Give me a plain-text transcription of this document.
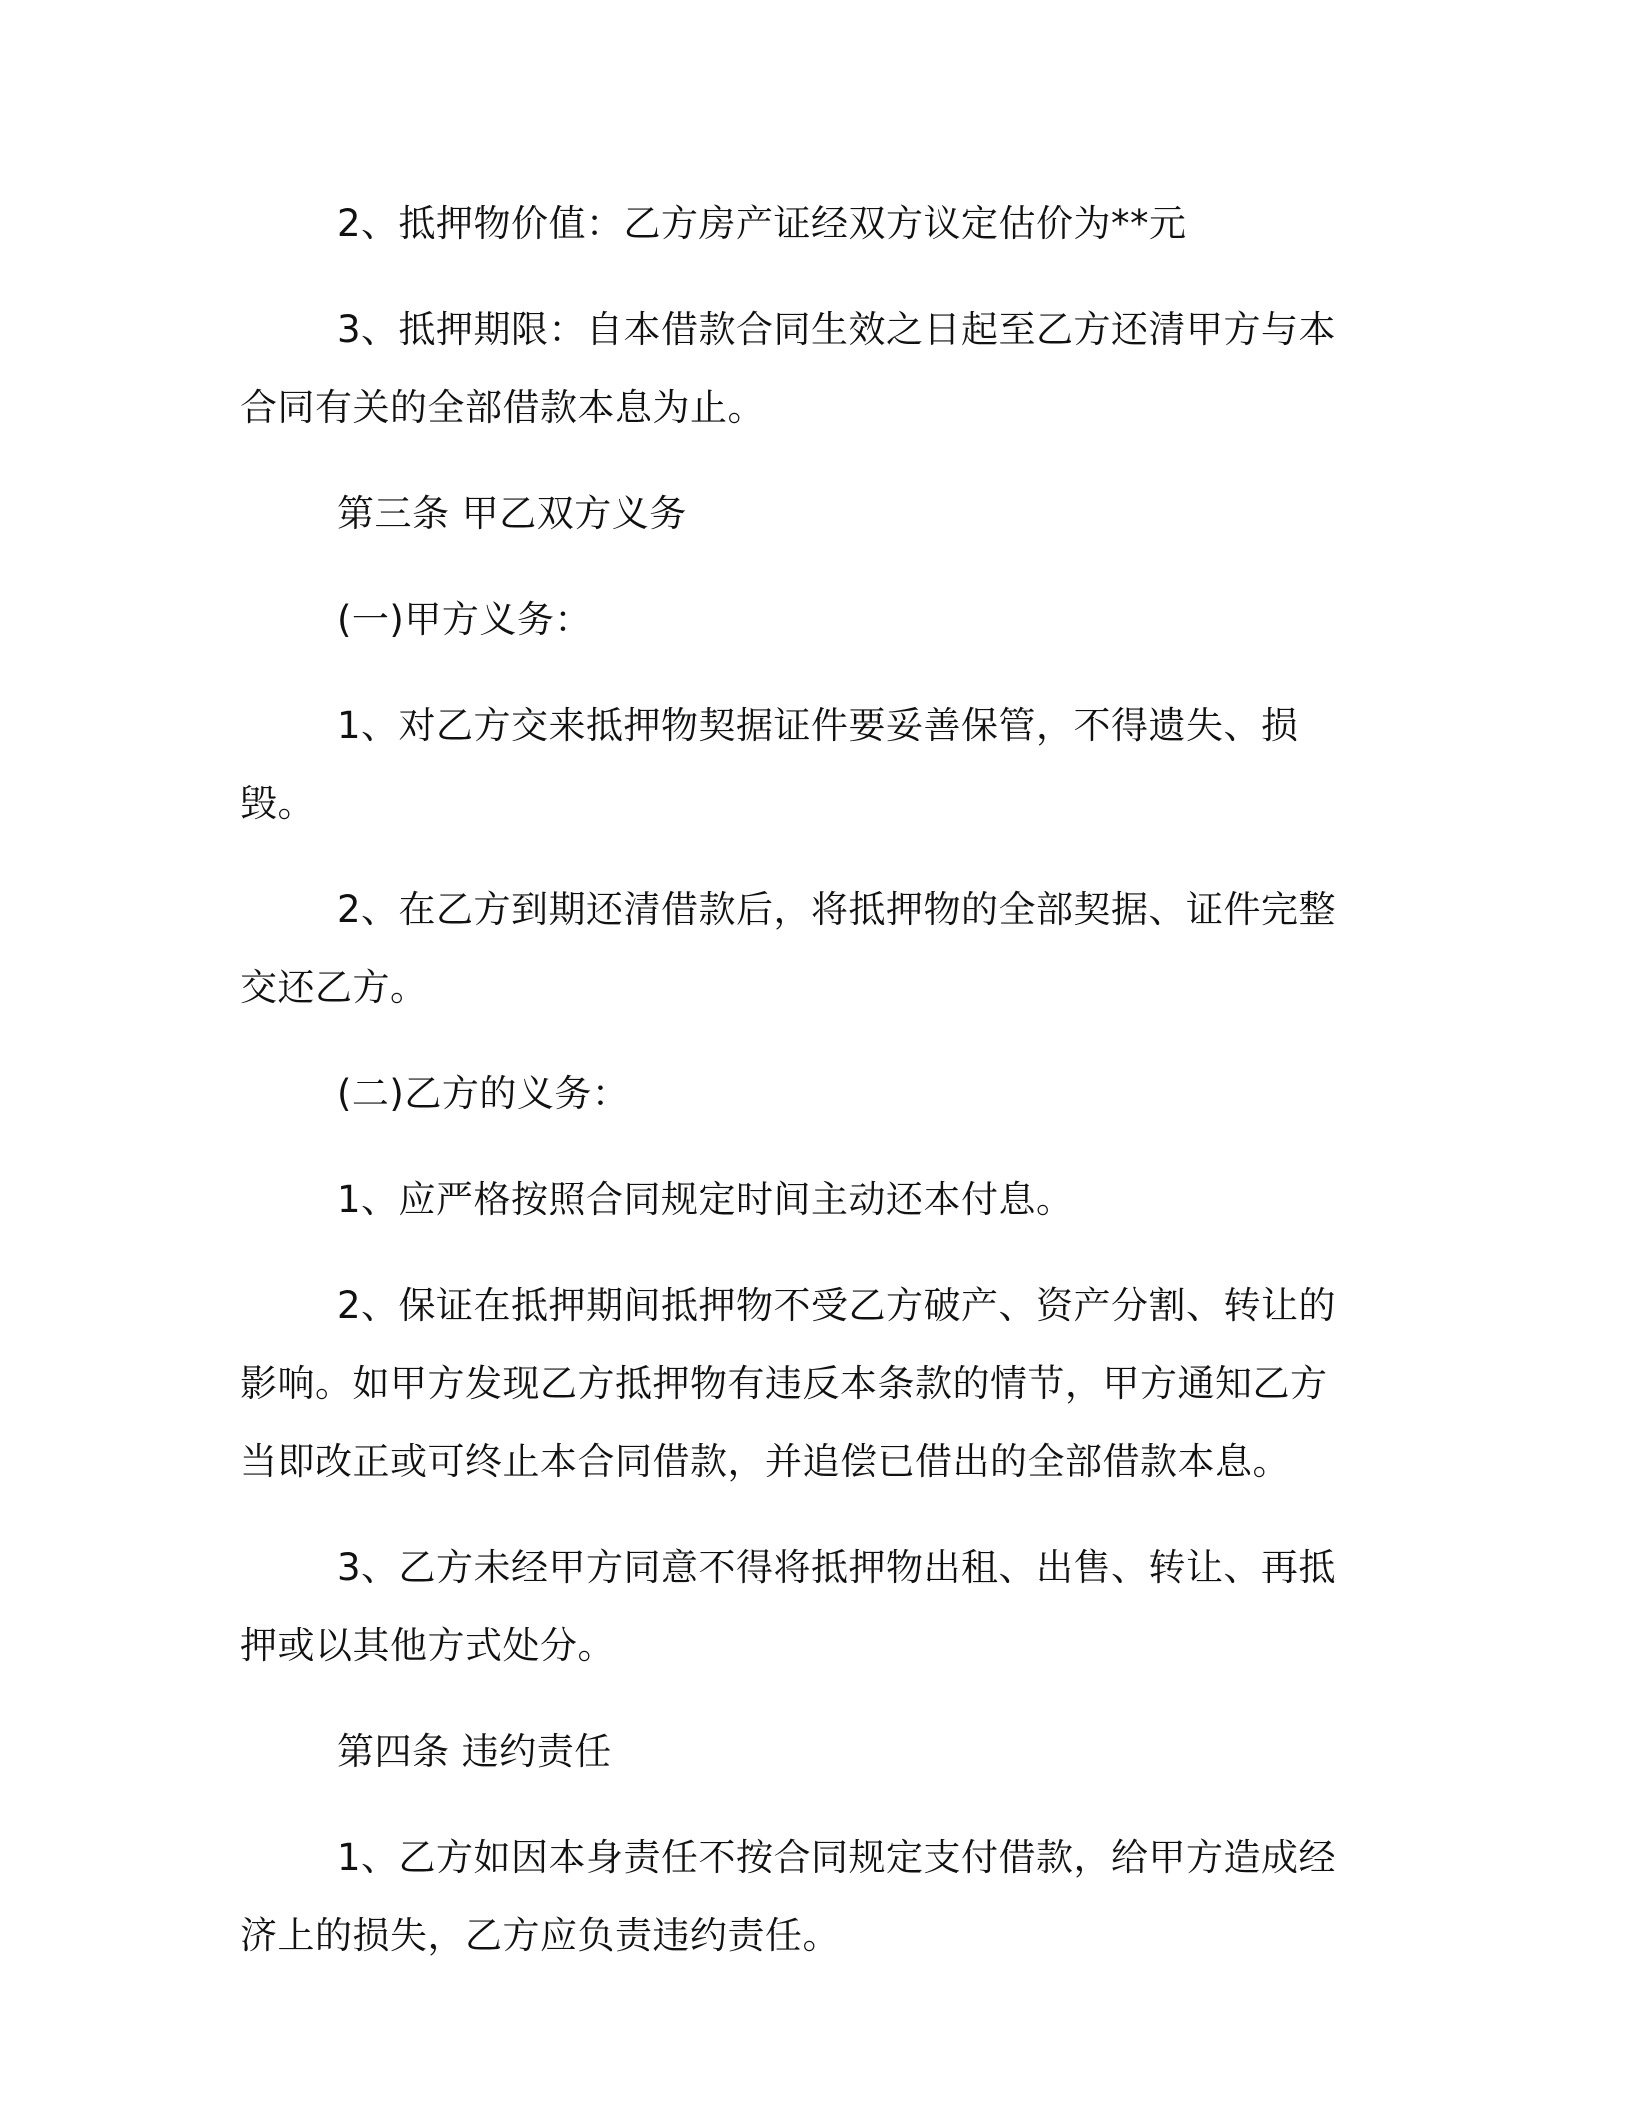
2、抵押物价值：乙方房产证经双方议定估价为**元

3、抵押期限：自本借款合同生效之日起至乙方还清甲方与本合同有关的全部借款本息为止。

第三条 甲乙双方义务

(一)甲方义务：

1、对乙方交来抵押物契据证件要妥善保管，不得遗失、损毁。

2、在乙方到期还清借款后，将抵押物的全部契据、证件完整交还乙方。

(二)乙方的义务：

1、应严格按照合同规定时间主动还本付息。

2、保证在抵押期间抵押物不受乙方破产、资产分割、转让的影响。如甲方发现乙方抵押物有违反本条款的情节，甲方通知乙方当即改正或可终止本合同借款，并追偿已借出的全部借款本息。

3、乙方未经甲方同意不得将抵押物出租、出售、转让、再抵押或以其他方式处分。

第四条 违约责任

1、乙方如因本身责任不按合同规定支付借款，给甲方造成经济上的损失，乙方应负责违约责任。
